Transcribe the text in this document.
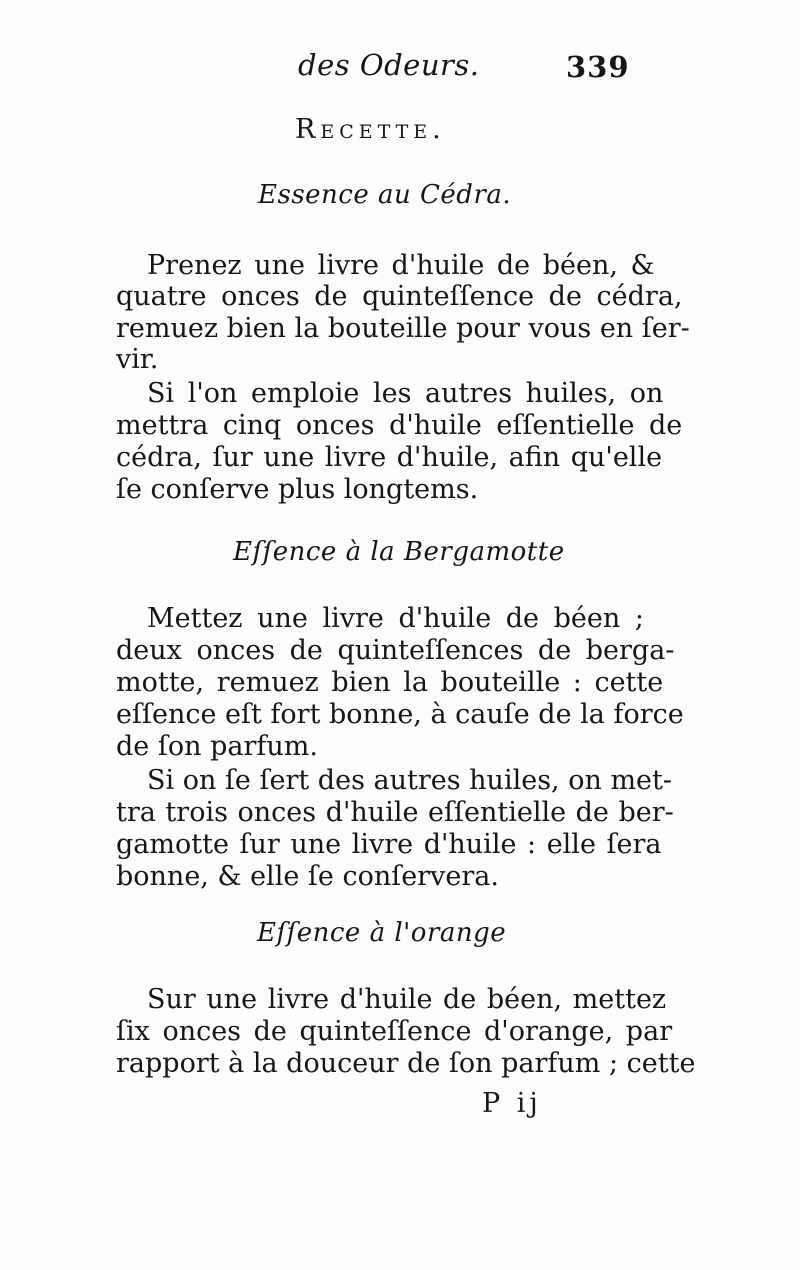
des Odeurs.	339
Recette.
Essence au Cédra.
Prenez une livre d'huile de béen, &
quatre onces de quinteſſence de cédra,
remuez bien la bouteille pour vous en ſer-
vir.
Si l'on emploie les autres huiles, on
mettra cinq onces d'huile eſſentielle de
cédra, ſur une livre d'huile, afin qu'elle
ſe conſerve plus longtems.
Eſſence à la Bergamotte
Mettez une livre d'huile de béen ;
deux onces de quinteſſences de berga-
motte, remuez bien la bouteille : cette
eſſence eſt fort bonne, à cauſe de la force
de ſon parfum.
Si on ſe ſert des autres huiles, on met-
tra trois onces d'huile eſſentielle de ber-
gamotte ſur une livre d'huile : elle ſera
bonne, & elle ſe conſervera.
Eſſence à l'orange
Sur une livre d'huile de béen, mettez
ſix onces de quinteſſence d'orange, par
rapport à la douceur de ſon parfum ; cette
P ij
